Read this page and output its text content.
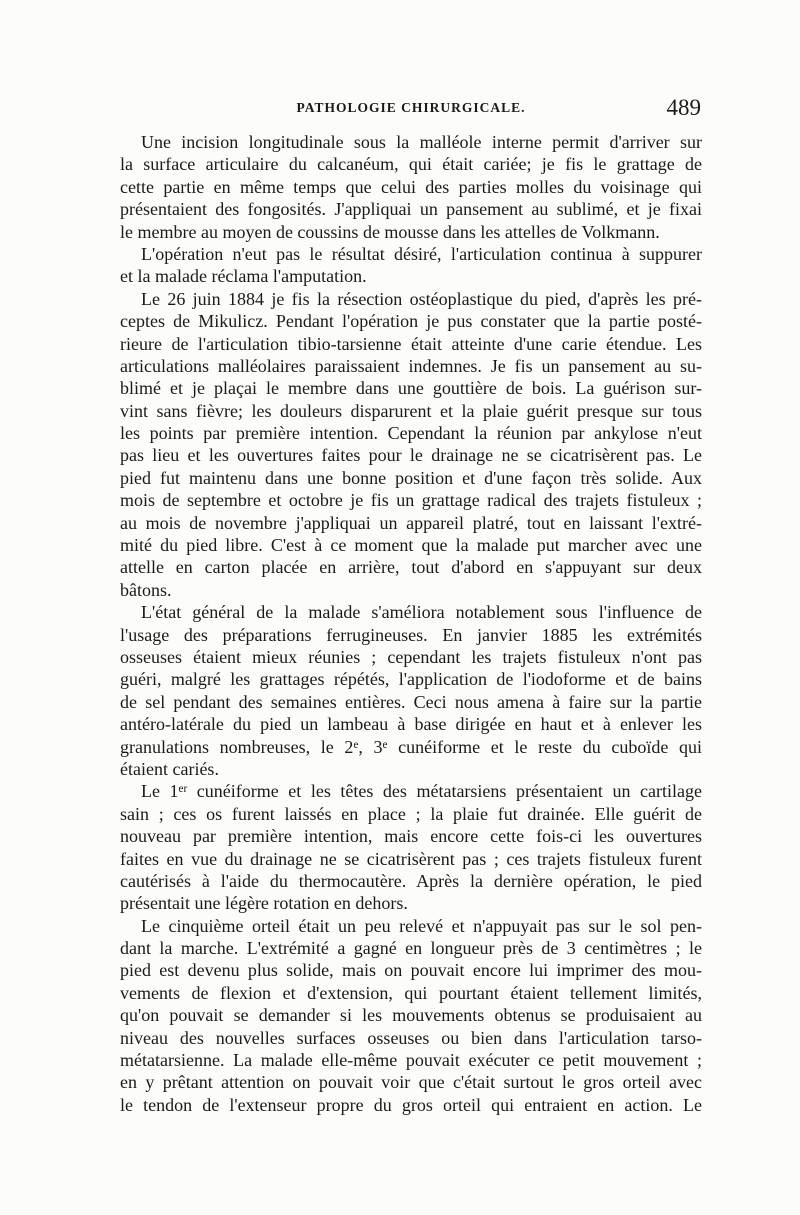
PATHOLOGIE CHIRURGICALE.	489
Une incision longitudinale sous la malléole interne permit d'arriver sur
la surface articulaire du calcanéum, qui était cariée; je fis le grattage de
cette partie en même temps que celui des parties molles du voisinage qui
présentaient des fongosités. J'appliquai un pansement au sublimé, et je fixai
le membre au moyen de coussins de mousse dans les attelles de Volkmann.
L'opération n'eut pas le résultat désiré, l'articulation continua à suppurer
et la malade réclama l'amputation.
Le 26 juin 1884 je fis la résection ostéoplastique du pied, d'après les pré-
ceptes de Mikulicz. Pendant l'opération je pus constater que la partie posté-
rieure de l'articulation tibio-tarsienne était atteinte d'une carie étendue. Les
articulations malléolaires paraissaient indemnes. Je fis un pansement au su-
blimé et je plaçai le membre dans une gouttière de bois. La guérison sur-
vint sans fièvre; les douleurs disparurent et la plaie guérit presque sur tous
les points par première intention. Cependant la réunion par ankylose n'eut
pas lieu et les ouvertures faites pour le drainage ne se cicatrisèrent pas. Le
pied fut maintenu dans une bonne position et d'une façon très solide. Aux
mois de septembre et octobre je fis un grattage radical des trajets fistuleux ;
au mois de novembre j'appliquai un appareil platré, tout en laissant l'extré-
mité du pied libre. C'est à ce moment que la malade put marcher avec une
attelle en carton placée en arrière, tout d'abord en s'appuyant sur deux
bâtons.
L'état général de la malade s'améliora notablement sous l'influence de
l'usage des préparations ferrugineuses. En janvier 1885 les extrémités
osseuses étaient mieux réunies ; cependant les trajets fistuleux n'ont pas
guéri, malgré les grattages répétés, l'application de l'iodoforme et de bains
de sel pendant des semaines entières. Ceci nous amena à faire sur la partie
antéro-latérale du pied un lambeau à base dirigée en haut et à enlever les
granulations nombreuses, le 2e, 3e cunéiforme et le reste du cuboïde qui
étaient cariés.
Le 1er cunéiforme et les têtes des métatarsiens présentaient un cartilage
sain ; ces os furent laissés en place ; la plaie fut drainée. Elle guérit de
nouveau par première intention, mais encore cette fois-ci les ouvertures
faites en vue du drainage ne se cicatrisèrent pas ; ces trajets fistuleux furent
cautérisés à l'aide du thermocautère. Après la dernière opération, le pied
présentait une légère rotation en dehors.
Le cinquième orteil était un peu relevé et n'appuyait pas sur le sol pen-
dant la marche. L'extrémité a gagné en longueur près de 3 centimètres ; le
pied est devenu plus solide, mais on pouvait encore lui imprimer des mou-
vements de flexion et d'extension, qui pourtant étaient tellement limités,
qu'on pouvait se demander si les mouvements obtenus se produisaient au
niveau des nouvelles surfaces osseuses ou bien dans l'articulation tarso-
métatarsienne. La malade elle-même pouvait exécuter ce petit mouvement ;
en y prêtant attention on pouvait voir que c'était surtout le gros orteil avec
le tendon de l'extenseur propre du gros orteil qui entraient en action. Le
